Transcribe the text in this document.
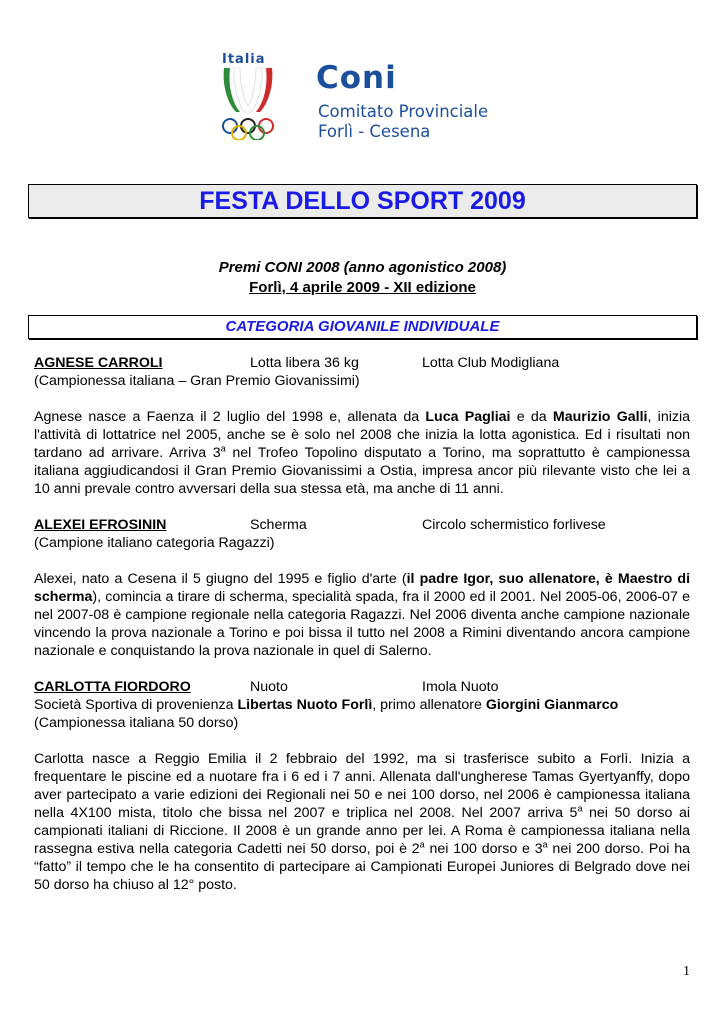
Italia
Coni
Comitato Provinciale
Forlì - Cesena
FESTA DELLO SPORT 2009
Premi CONI 2008 (anno agonistico 2008)
Forlì, 4 aprile 2009 - XII edizione
CATEGORIA GIOVANILE INDIVIDUALE
AGNESE CARROLI	Lotta libera 36 kg	Lotta Club Modigliana
(Campionessa italiana – Gran Premio Giovanissimi)

Agnese nasce a Faenza il 2 luglio del 1998 e, allenata da Luca Pagliai e da Maurizio Galli, inizia l'attività di lottatrice nel 2005, anche se è solo nel 2008 che inizia la lotta agonistica. Ed i risultati non tardano ad arrivare. Arriva 3$^a$ nel Trofeo Topolino disputato a Torino, ma soprattutto è campionessa italiana aggiudicandosi il Gran Premio Giovanissimi a Ostia, impresa ancor più rilevante visto che lei a 10 anni prevale contro avversari della sua stessa età, ma anche di 11 anni.

ALEXEI EFROSININ	Scherma	Circolo schermistico forlivese
(Campione italiano categoria Ragazzi)

Alexei, nato a Cesena il 5 giugno del 1995 e figlio d'arte (il padre Igor, suo allenatore, è Maestro di scherma), comincia a tirare di scherma, specialità spada, fra il 2000 ed il 2001. Nel 2005-06, 2006-07 e nel 2007-08 è campione regionale nella categoria Ragazzi. Nel 2006 diventa anche campione nazionale vincendo la prova nazionale a Torino e poi bissa il tutto nel 2008 a Rimini diventando ancora campione nazionale e conquistando la prova nazionale in quel di Salerno.

CARLOTTA FIORDORO	Nuoto	Imola Nuoto
Società Sportiva di provenienza Libertas Nuoto Forlì, primo allenatore Giorgini Gianmarco
(Campionessa italiana 50 dorso)

Carlotta nasce a Reggio Emilia il 2 febbraio del 1992, ma si trasferisce subito a Forlì. Inizia a frequentare le piscine ed a nuotare fra i 6 ed i 7 anni. Allenata dall'ungherese Tamas Gyertyanffy, dopo aver partecipato a varie edizioni dei Regionali nei 50 e nei 100 dorso, nel 2006 è campionessa italiana nella 4X100 mista, titolo che bissa nel 2007 e triplica nel 2008. Nel 2007 arriva 5$^a$ nei 50 dorso ai campionati italiani di Riccione. Il 2008 è un grande anno per lei. A Roma è campionessa italiana nella rassegna estiva nella categoria Cadetti nei 50 dorso, poi è 2$^a$ nei 100 dorso e 3$^a$ nei 200 dorso. Poi ha “fatto” il tempo che le ha consentito di partecipare ai Campionati Europei Juniores di Belgrado dove nei 50 dorso ha chiuso al 12° posto.

1
